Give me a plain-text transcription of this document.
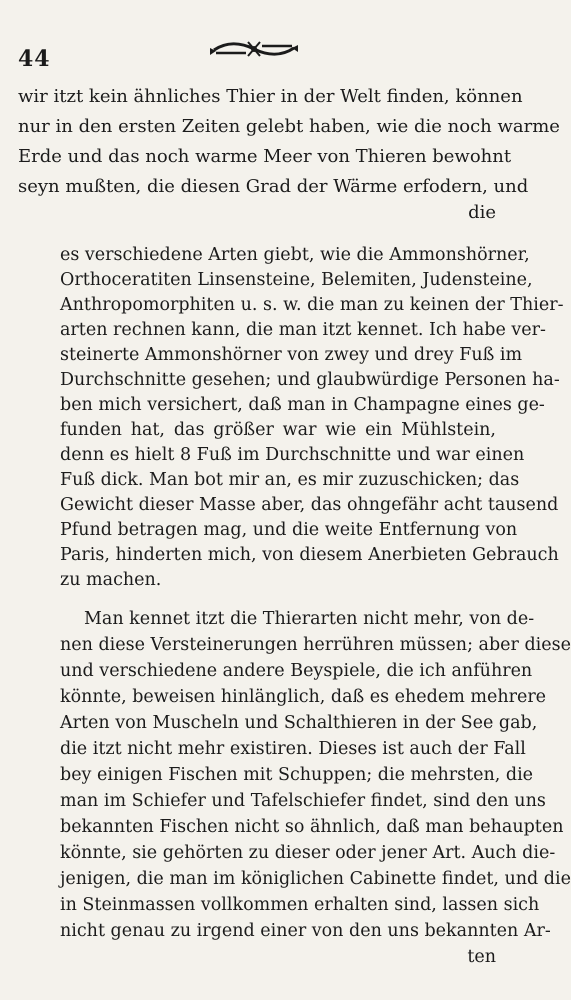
44
wir itzt kein ähnliches Thier in der Welt finden, können
nur in den ersten Zeiten gelebt haben, wie die noch warme
Erde und das noch warme Meer von Thieren bewohnt
seyn mußten, die diesen Grad der Wärme erfodern, und
die
es verschiedene Arten giebt, wie die Ammonshörner,
Orthoceratiten Linsensteine, Belemiten, Judensteine,
Anthropomorphiten u. s. w. die man zu keinen der Thier-
arten rechnen kann, die man itzt kennet. Ich habe ver-
steinerte Ammonshörner von zwey und drey Fuß im
Durchschnitte gesehen; und glaubwürdige Personen ha-
ben mich versichert, daß man in Champagne eines ge-
funden hat, das größer war wie ein Mühlstein,
denn es hielt 8 Fuß im Durchschnitte und war einen
Fuß dick. Man bot mir an, es mir zuzuschicken; das
Gewicht dieser Masse aber, das ohngefähr acht tausend
Pfund betragen mag, und die weite Entfernung von
Paris, hinderten mich, von diesem Anerbieten Gebrauch
zu machen.
Man kennet itzt die Thierarten nicht mehr, von de-
nen diese Versteinerungen herrühren müssen; aber diese
und verschiedene andere Beyspiele, die ich anführen
könnte, beweisen hinlänglich, daß es ehedem mehrere
Arten von Muscheln und Schalthieren in der See gab,
die itzt nicht mehr existiren. Dieses ist auch der Fall
bey einigen Fischen mit Schuppen; die mehrsten, die
man im Schiefer und Tafelschiefer findet, sind den uns
bekannten Fischen nicht so ähnlich, daß man behaupten
könnte, sie gehörten zu dieser oder jener Art. Auch die-
jenigen, die man im königlichen Cabinette findet, und die
in Steinmassen vollkommen erhalten sind, lassen sich
nicht genau zu irgend einer von den uns bekannten Ar-
ten
